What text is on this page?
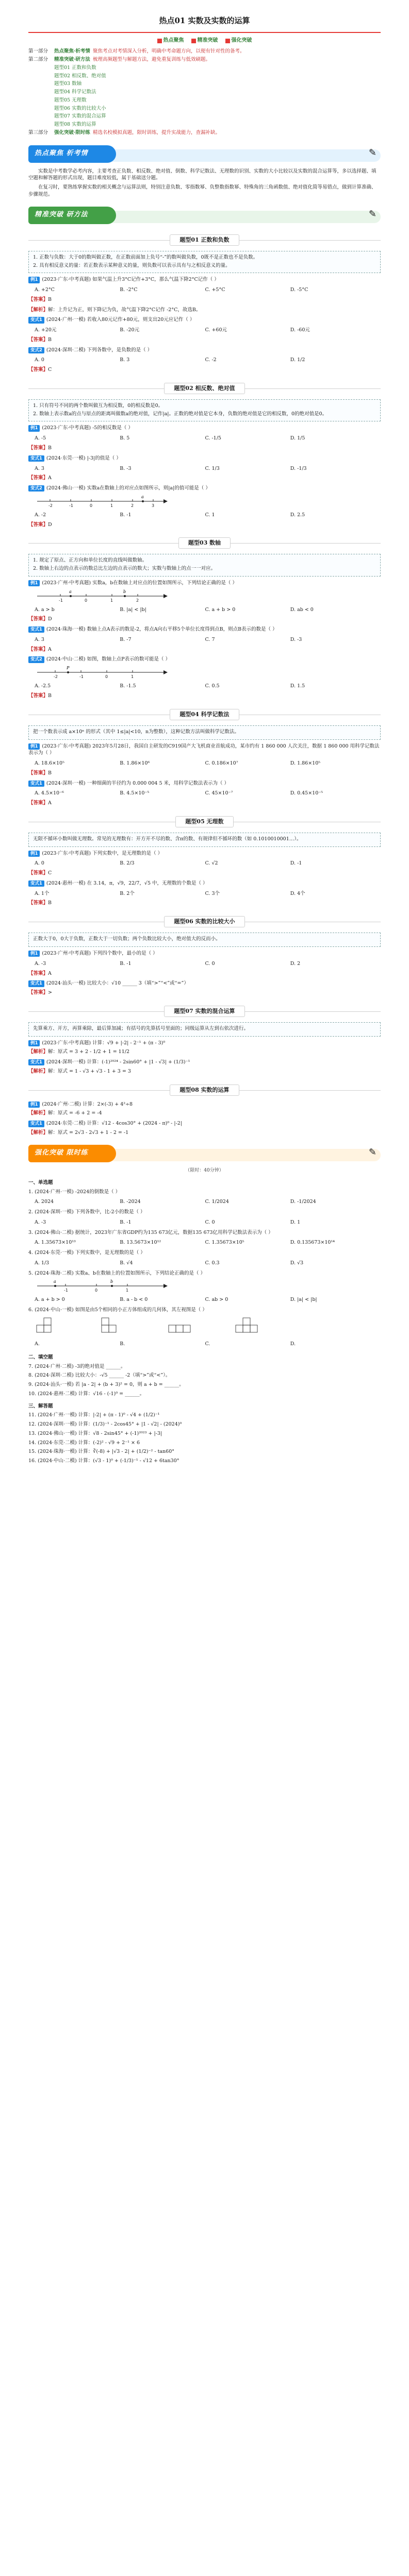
热点01 实数及实数的运算
热点聚焦	精准突破	强化突破
第一部分	热点聚焦·析考情 聚焦考点对考情深入分析，明确中考命题方向，以便有针对性的备考。
第二部分	精准突破·研方法 梳理高频题型与解题方法，避免重复训练与低效刷题。
题型01 正数和负数
题型02 相反数、绝对值
题型03 数轴
题型04 科学记数法
题型05 无理数
题型06 实数的比较大小
题型07 实数的混合运算
题型08 实数的运算
第三部分	强化突破·限时练 精选名校模拟真题，限时训练，提升实战能力，查漏补缺。
热点聚焦 析考情	✎

实数是中考数学必考内容，主要考查正负数、相反数、绝对值、倒数、科学记数法、无理数的识别、实数的大小比较以及实数的混合运算等，多以选择题、填空题和解答题的形式出现，题目难度较低，属于基础送分题。

在复习时，要熟练掌握实数的相关概念与运算法则，特别注意负数、零指数幂、负整数指数幂、特殊角的三角函数值、绝对值化简等易错点，做到计算准确、步骤规范。

精准突破 研方法	✎
题型01 正数和负数

1. 正数与负数：大于0的数叫做正数，在正数前面加上负号“-”的数叫做负数，0既不是正数也不是负数。

2. 具有相反意义的量：若正数表示某种意义的量，则负数可以表示具有与之相反意义的量。

例1 (2023·广东·中考真题) 如果气温上升3°C记作+3°C，那么气温下降2°C记作（ ）
A. +2°C	B. -2°C	C. +5°C	D. -5°C
【答案】B
【解析】解：上升记为正，则下降记为负，故气温下降2°C记作 -2°C，故选B。
变式1 (2024·广州·一模) 若收入80元记作+80元，则支出20元应记作（ ）
A. +20元	B. -20元	C. +60元	D. -60元
【答案】B
变式2 (2024·深圳·二模) 下列各数中，是负数的是（ ）
A. 0	B. 3	C. -2	D. 1/2
【答案】C
题型02 相反数、绝对值

1. 只有符号不同的两个数叫做互为相反数，0的相反数是0。

2. 数轴上表示数a的点与原点的距离叫做数a的绝对值，记作|a|。正数的绝对值是它本身，负数的绝对值是它的相反数，0的绝对值是0。

例1 (2023·广东·中考真题) -5的相反数是（ ）
A. -5	B. 5	C. -1/5	D. 1/5
【答案】B
变式1 (2024·东莞·一模) |-3|的值是（ ）
A. 3	B. -3	C. 1/3	D. -1/3
【答案】A
变式2 (2024·佛山·一模) 实数a在数轴上的对应点如图所示，则|a|的值可能是（ ）
-2	-1	0	1	2	3
a
A. -2	B. -1	C. 1	D. 2.5
【答案】D
题型03 数轴

1. 规定了原点、正方向和单位长度的直线叫做数轴。

2. 数轴上右边的点表示的数总比左边的点表示的数大；实数与数轴上的点一一对应。

例1 (2023·广州·中考真题) 实数a，b在数轴上对应点的位置如图所示，下列结论正确的是（ ）
-1	0	1	2
a	b
A. a > b	B. |a| < |b|	C. a + b > 0	D. ab < 0
【答案】D
变式1 (2024·珠海·一模) 数轴上点A表示的数是-2，将点A向右平移5个单位长度得到点B，则点B表示的数是（ ）
A. 3	B. -7	C. 7	D. -3
【答案】A
变式2 (2024·中山·二模) 如图，数轴上点P表示的数可能是（ ）
-2	-1	0	1
P
A. -2.5	B. -1.5	C. 0.5	D. 1.5
【答案】B
题型04 科学记数法

把一个数表示成 a×10ⁿ 的形式（其中 1≤|a|<10，n为整数），这种记数方法叫做科学记数法。

例1 (2023·广东·中考真题) 2023年5月28日，我国自主研发的C919国产大飞机商业首航成功，某市约有 1 860 000 人次关注，数据 1 860 000 用科学记数法表示为（ ）
A. 18.6×10⁵	B. 1.86×10⁶	C. 0.186×10⁷	D. 1.86×10⁵
【答案】B
变式1 (2024·深圳·一模) 一种细菌的半径约为 0.000 004 5 米，用科学记数法表示为（ ）
A. 4.5×10⁻⁶	B. 4.5×10⁻⁵	C. 45×10⁻⁷	D. 0.45×10⁻⁵
【答案】A
题型05 无理数

无限不循环小数叫做无理数。常见的无理数有：开方开不尽的数、含π的数、有规律但不循环的数（如 0.1010010001…）。

例1 (2023·广东·中考真题) 下列实数中，是无理数的是（ ）
A. 0	B. 2/3	C. √2	D. -1
【答案】C
变式1 (2024·惠州·一模) 在 3.14，π，√9，22/7，√5 中，无理数的个数是（ ）
A. 1个	B. 2个	C. 3个	D. 4个
【答案】B
题型06 实数的比较大小

正数大于0，0大于负数，正数大于一切负数；两个负数比较大小，绝对值大的反而小。

例1 (2023·广州·中考真题) 下列四个数中，最小的是（ ）
A. -3	B. -1	C. 0	D. 2
【答案】A
变式1 (2024·汕头·一模) 比较大小：√10 ______ 3（填“>”“<”或“=”）
【答案】>
题型07 实数的混合运算

先算乘方、开方，再算乘除，最后算加减；有括号的先算括号里面的；同级运算从左到右依次进行。

例1 (2023·广东·中考真题) 计算：√9 + |-2| - 2⁻¹ + (π - 3)⁰
【解析】解：原式 = 3 + 2 - 1/2 + 1 = 11/2
变式1 (2024·深圳·一模) 计算：(-1)²⁰²⁴ - 2sin60° + |1 - √3| + (1/3)⁻¹
【解析】解：原式 = 1 - √3 + √3 - 1 + 3 = 3
题型08 实数的运算
例1 (2024·广州·二模) 计算：2×(-3) + 4²÷8
【解析】解：原式 = -6 + 2 = -4
变式1 (2024·东莞·二模) 计算：√12 - 4cos30° + (2024 - π)⁰ - |-2|
【解析】解：原式 = 2√3 - 2√3 + 1 - 2 = -1
强化突破 限时练	✎
（限时：40分钟）
一、单选题
1. (2024·广州·一模) -2024的倒数是（ ）
A. 2024	B. -2024	C. 1/2024	D. -1/2024
2. (2024·深圳·一模) 下列各数中，比-2小的数是（ ）
A. -3	B. -1	C. 0	D. 1
3. (2024·佛山·二模) 据统计，2023年广东省GDP约为135 673亿元，数据135 673亿用科学记数法表示为（ ）
A. 1.35673×10¹³	B. 13.5673×10¹²	C. 1.35673×10⁵	D. 0.135673×10¹⁴
4. (2024·东莞·一模) 下列实数中，是无理数的是（ ）
A. 1/3	B. √4	C. 0.3	D. √3
5. (2024·珠海·二模) 实数a、b在数轴上的位置如图所示，下列结论正确的是（ ）
-1	0	1
a	b
A. a + b > 0	B. a - b < 0	C. ab > 0	D. |a| < |b|
6. (2024·中山·一模) 如图是由5个相同的小正方体组成的几何体，其左视图是（ ）
A.	B.	C.	D.
二、填空题
7. (2024·广州·二模) -3的绝对值是 ______。
8. (2024·深圳·二模) 比较大小：-√5 ______ -2（填“>”或“<”）。
9. (2024·汕头·一模) 若 |a - 2| + (b + 3)² = 0，则 a + b = ______。
10. (2024·惠州·二模) 计算：√16 - (-1)⁰ = ______。
三、解答题
11. (2024·广州·一模) 计算：|-2| + (π - 1)⁰ - √4 + (1/2)⁻¹
12. (2024·深圳·一模) 计算：(1/3)⁻¹ - 2cos45° + |1 - √2| - (2024)⁰
13. (2024·佛山·一模) 计算：√8 - 2sin45° + (-1)²⁰²³ + |-3|
14. (2024·东莞·二模) 计算：(-2)² - √9 + 2⁻¹ × 6
15. (2024·珠海·一模) 计算：∛(-8) + |√3 - 2| + (1/2)⁻² - tan60°
16. (2024·中山·二模) 计算：(√3 - 1)⁰ + (-1/3)⁻¹ - √12 + 6tan30°
